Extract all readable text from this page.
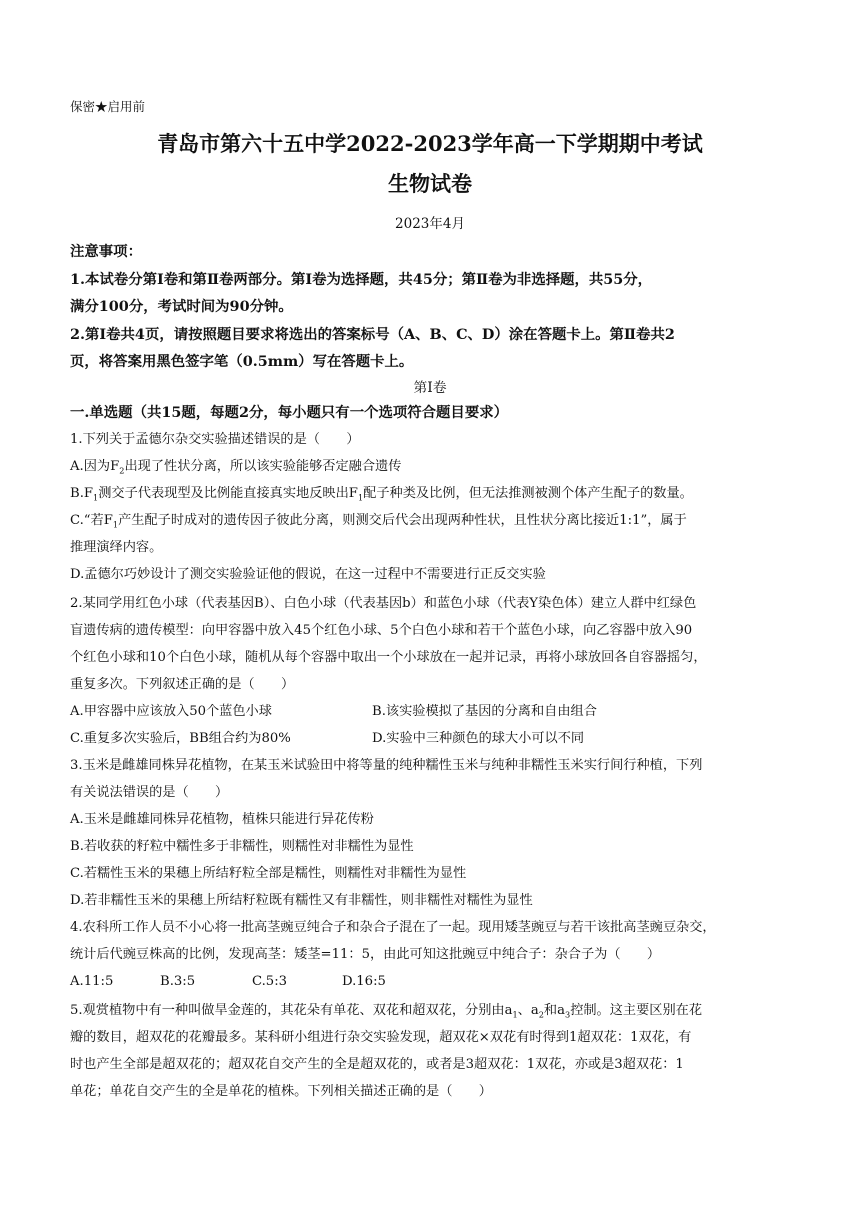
保密★启用前
青岛市第六十五中学2022-2023学年高一下学期期中考试
生物试卷
2023年4月
注意事项：
1.本试卷分第Ⅰ卷和第Ⅱ卷两部分。第Ⅰ卷为选择题，共45分；第Ⅱ卷为非选择题，共55分，
满分100分，考试时间为90分钟。
2.第Ⅰ卷共4页，请按照题目要求将选出的答案标号（A、B、C、D）涂在答题卡上。第Ⅱ卷共2
页，将答案用黑色签字笔（0.5mm）写在答题卡上。
第Ⅰ卷
一.单选题（共15题，每题2分，每小题只有一个选项符合题目要求）
1.下列关于孟德尔杂交实验描述错误的是（　　）
A.因为$F_2$出现了性状分离，所以该实验能够否定融合遗传
$B.F_1$测交子代表现型及比例能直接真实地反映出$F_1$配子种类及比例，但无法推测被测个体产生配子的数量。
C.“若$F_1$产生配子时成对的遗传因子彼此分离，则测交后代会出现两种性状，且性状分离比接近1:1”，属于
推理演绎内容。
D.孟德尔巧妙设计了测交实验验证他的假说，在这一过程中不需要进行正反交实验
2.某同学用红色小球（代表基因B）、白色小球（代表基因b）和蓝色小球（代表Y染色体）建立人群中红绿色
盲遗传病的遗传模型：向甲容器中放入45个红色小球、5个白色小球和若干个蓝色小球，向乙容器中放入90
个红色小球和10个白色小球，随机从每个容器中取出一个小球放在一起并记录，再将小球放回各自容器摇匀，
重复多次。下列叙述正确的是（　　）
A.甲容器中应该放入50个蓝色小球	B.该实验模拟了基因的分离和自由组合
C.重复多次实验后，BB组合约为80%	D.实验中三种颜色的球大小可以不同
3.玉米是雌雄同株异花植物，在某玉米试验田中将等量的纯种糯性玉米与纯种非糯性玉米实行间行种植，下列
有关说法错误的是（　　）
A.玉米是雌雄同株异花植物，植株只能进行异花传粉
B.若收获的籽粒中糯性多于非糯性，则糯性对非糯性为显性
C.若糯性玉米的果穗上所结籽粒全部是糯性，则糯性对非糯性为显性
D.若非糯性玉米的果穗上所结籽粒既有糯性又有非糯性，则非糯性对糯性为显性
4.农科所工作人员不小心将一批高茎豌豆纯合子和杂合子混在了一起。现用矮茎豌豆与若干该批高茎豌豆杂交，
统计后代豌豆株高的比例，发现高茎：矮茎=11：5，由此可知这批豌豆中纯合子：杂合子为（　　）
A.11:5	B.3:5	C.5:3	D.16:5
5.观赏植物中有一种叫做旱金莲的，其花朵有单花、双花和超双花，分别由$a_1$、$a_2$和$a_3$控制。这主要区别在花
瓣的数目，超双花的花瓣最多。某科研小组进行杂交实验发现，超双花×双花有时得到1超双花：1双花，有
时也产生全部是超双花的；超双花自交产生的全是超双花的，或者是3超双花：1双花，亦或是3超双花：1
单花；单花自交产生的全是单花的植株。下列相关描述正确的是（　　）
